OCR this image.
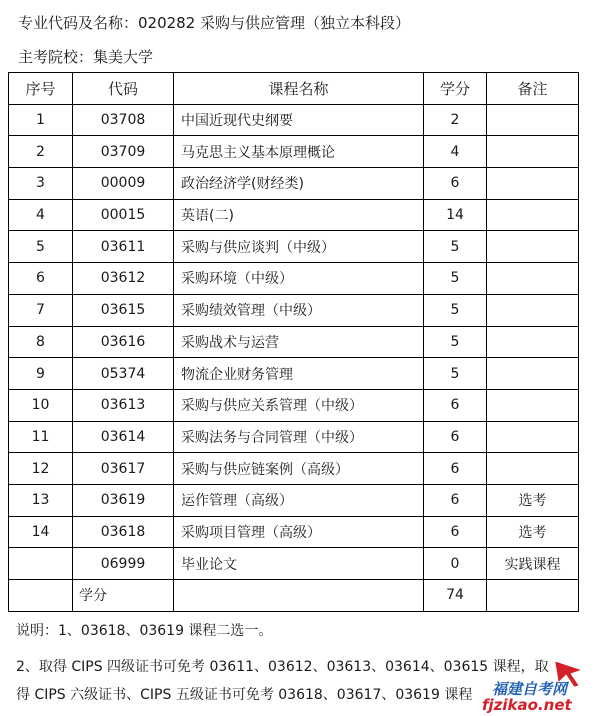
专业代码及名称：020282 采购与供应管理（独立本科段）
主考院校：集美大学
序号	代码	课程名称	学分	备注
1	03708	中国近现代史纲要	2	
2	03709	马克思主义基本原理概论	4	
3	00009	政治经济学(财经类)	6	
4	00015	英语(二)	14	
5	03611	采购与供应谈判（中级）	5	
6	03612	采购环境（中级）	5	
7	03615	采购绩效管理（中级）	5	
8	03616	采购战术与运营	5	
9	05374	物流企业财务管理	5	
10	03613	采购与供应关系管理（中级）	6	
11	03614	采购法务与合同管理（中级）	6	
12	03617	采购与供应链案例（高级）	6	
13	03619	运作管理（高级）	6	选考
14	03618	采购项目管理（高级）	6	选考
	06999	毕业论文	0	实践课程
	学分		74	
说明：1、03618、03619 课程二选一。
2、取得 CIPS 四级证书可免考 03611、03612、03613、03614、03615 课程，取
得 CIPS 六级证书、CIPS 五级证书可免考 03618、03617、03619 课程 福建自考网
fjzikao.net
